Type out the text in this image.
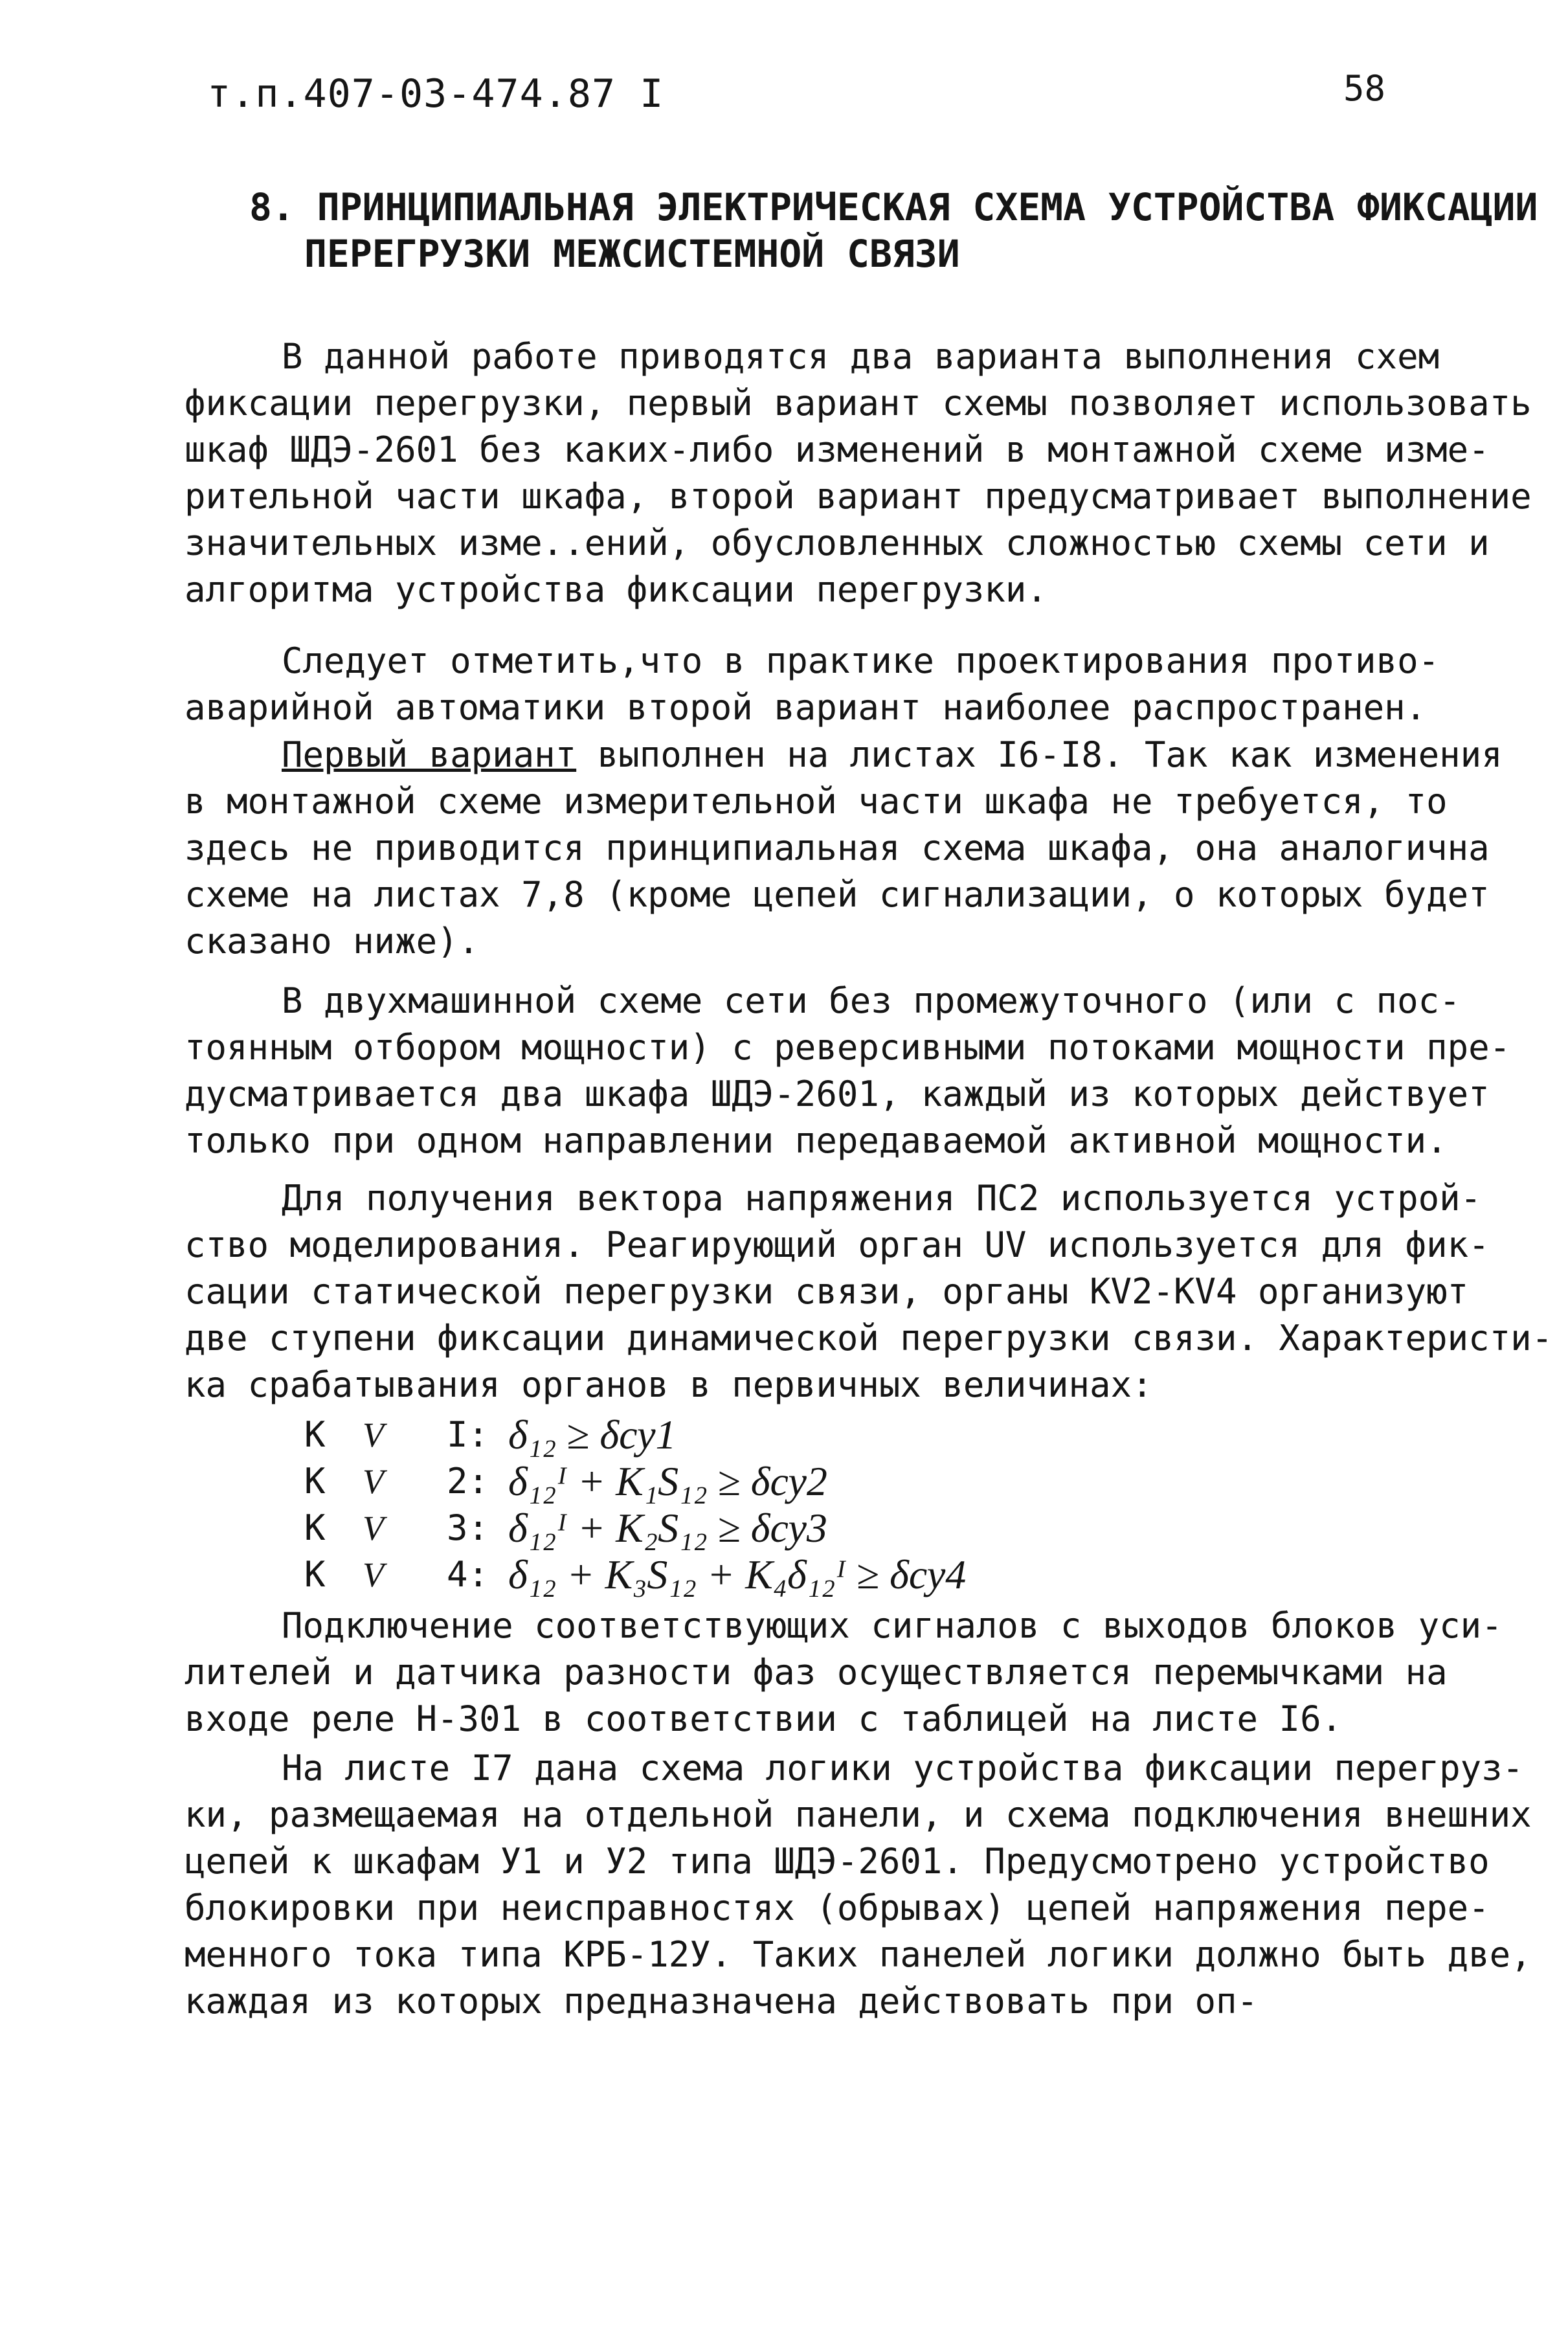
т.п.407-03-474.87 I	58
8. ПРИНЦИПИАЛЬНАЯ ЭЛЕКТРИЧЕСКАЯ СХЕМА УСТРОЙСТВА ФИКСАЦИИ
ПЕРЕГРУЗКИ МЕЖСИСТЕМНОЙ СВЯЗИ
В данной работе приводятся два варианта выполнения схем
фиксации перегрузки, первый вариант схемы позволяет использовать
шкаф ШДЭ-2601 без каких-либо изменений в монтажной схеме изме-
рительной части шкафа, второй вариант предусматривает выполнение
значительных изме..ений, обусловленных сложностью схемы сети и
алгоритма устройства фиксации перегрузки.
Следует отметить,что в практике проектирования противо-
аварийной автоматики второй вариант наиболее распространен.
Первый вариант выполнен на листах I6-I8. Так как изменения
в монтажной схеме измерительной части шкафа не требуется, то
здесь не приводится принципиальная схема шкафа, она аналогична
схеме на листах 7,8 (кроме цепей сигнализации, о которых будет
сказано ниже).
В двухмашинной схеме сети без промежутoчного (или с пос-
тоянным отбором мощности) с реверсивными потоками мощности пре-
дусматривается два шкафа ШДЭ-2601, каждый из которых действует
только при одном направлении передаваемой активной мощности.
Для получения вектора напряжения ПС2 используется устрой-
ство моделирования. Реагирующий орган UV используется для фик-
сации статической перегрузки связи, органы КV2-КV4 организуют
две ступени фиксации динамической перегрузки связи. Характеристи-
ка срабатывания органов в первичных величинах:
К V I: δ₁₂ ≥ δсу1
К V 2: δ₁₂ᴵ + K₁S₁₂ ≥ δсу2
К V 3: δ₁₂ᴵ + K₂S₁₂ ≥ δсу3
К V 4: δ₁₂ + K₃S₁₂ + K₄δ₁₂ᴵ ≥ δсу4
Подключение соответствующих сигналов с выходов блоков уси-
лителей и датчика разности фаз осуществляется перемычками на
входе реле Н-301 в соответствии с таблицей на листе I6.
На листе I7 дана схема логики устройства фиксации перегруз-
ки, размещаемая на отдельной панели, и схема подключения внешних
цепей к шкафам У1 и У2 типа ШДЭ-2601. Предусмотрено устройство
блокировки при неисправностях (обрывах) цепей напряжения пере-
менного тока типа КРБ-12У. Таких панелей логики должно быть две,
каждая из которых предназначена действовать при оп-
